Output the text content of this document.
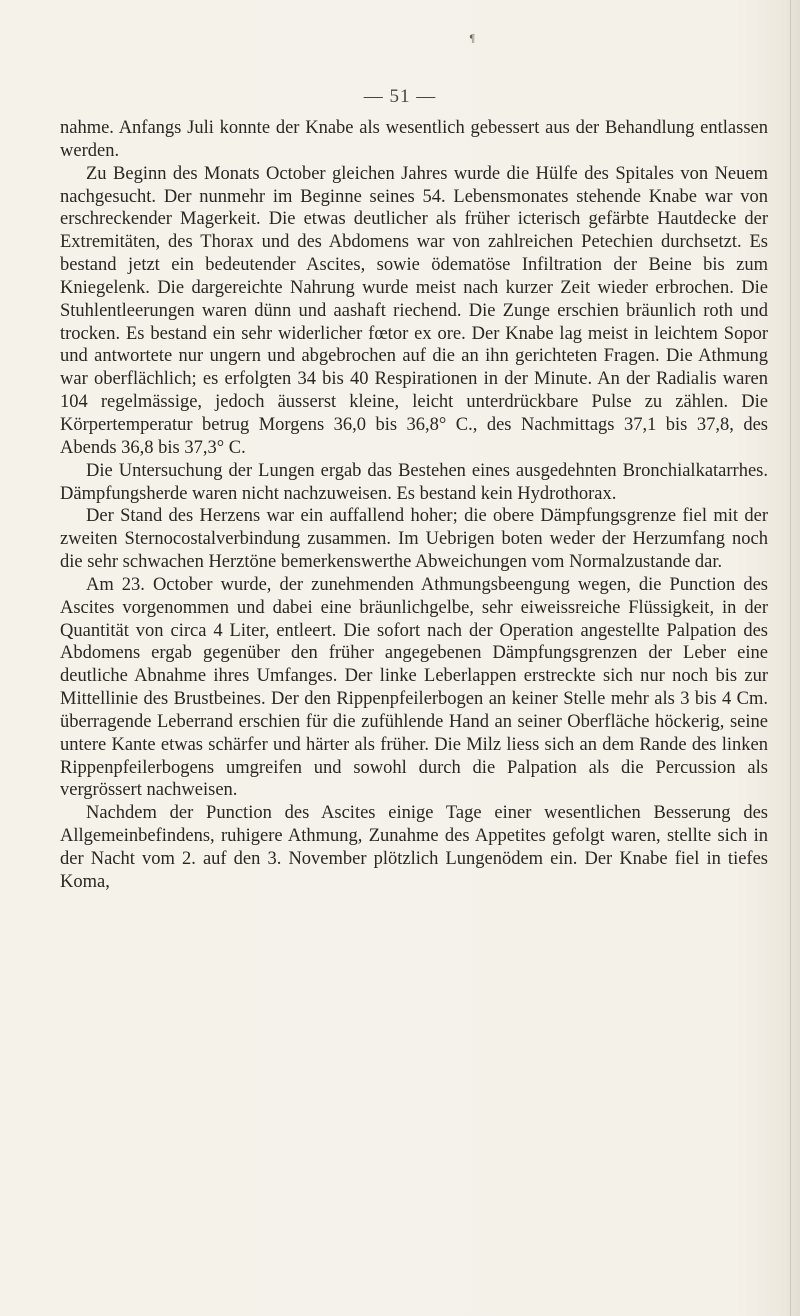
¶
— 51 —

nahme. Anfangs Juli konnte der Knabe als wesentlich gebessert aus der Behandlung entlassen werden.

Zu Beginn des Monats October gleichen Jahres wurde die Hülfe des Spitales von Neuem nachgesucht. Der nunmehr im Beginne seines 54. Lebensmonates stehende Knabe war von erschreckender Magerkeit. Die etwas deutlicher als früher icterisch gefärbte Hautdecke der Extremitäten, des Thorax und des Abdomens war von zahlreichen Petechien durchsetzt. Es bestand jetzt ein bedeutender Ascites, sowie ödematöse Infiltration der Beine bis zum Kniegelenk. Die dargereichte Nahrung wurde meist nach kurzer Zeit wieder erbrochen. Die Stuhlentleerungen waren dünn und aashaft riechend. Die Zunge erschien bräunlich roth und trocken. Es bestand ein sehr widerlicher fœtor ex ore. Der Knabe lag meist in leichtem Sopor und antwortete nur ungern und abgebrochen auf die an ihn gerichteten Fragen. Die Athmung war oberflächlich; es erfolgten 34 bis 40 Respirationen in der Minute. An der Radialis waren 104 regelmässige, jedoch äusserst kleine, leicht unterdrückbare Pulse zu zählen. Die Körpertemperatur betrug Morgens 36,0 bis 36,8° C., des Nachmittags 37,1 bis 37,8, des Abends 36,8 bis 37,3° C.

Die Untersuchung der Lungen ergab das Bestehen eines ausgedehnten Bronchialkatarrhes. Dämpfungsherde waren nicht nachzuweisen. Es bestand kein Hydrothorax.

Der Stand des Herzens war ein auffallend hoher; die obere Dämpfungsgrenze fiel mit der zweiten Sternocostalverbindung zusammen. Im Uebrigen boten weder der Herzumfang noch die sehr schwachen Herztöne bemerkenswerthe Abweichungen vom Normalzustande dar.

Am 23. October wurde, der zunehmenden Athmungsbeengung wegen, die Punction des Ascites vorgenommen und dabei eine bräunlichgelbe, sehr eiweissreiche Flüssigkeit, in der Quantität von circa 4 Liter, entleert. Die sofort nach der Operation angestellte Palpation des Abdomens ergab gegenüber den früher angegebenen Dämpfungsgrenzen der Leber eine deutliche Abnahme ihres Umfanges. Der linke Leberlappen erstreckte sich nur noch bis zur Mittellinie des Brustbeines. Der den Rippenpfeilerbogen an keiner Stelle mehr als 3 bis 4 Cm. überragende Leberrand erschien für die zufühlende Hand an seiner Oberfläche höckerig, seine untere Kante etwas schärfer und härter als früher. Die Milz liess sich an dem Rande des linken Rippenpfeilerbogens umgreifen und sowohl durch die Palpation als die Percussion als vergrössert nachweisen.

Nachdem der Punction des Ascites einige Tage einer wesentlichen Besserung des Allgemeinbefindens, ruhigere Athmung, Zunahme des Appetites gefolgt waren, stellte sich in der Nacht vom 2. auf den 3. November plötzlich Lungenödem ein. Der Knabe fiel in tiefes Koma,
